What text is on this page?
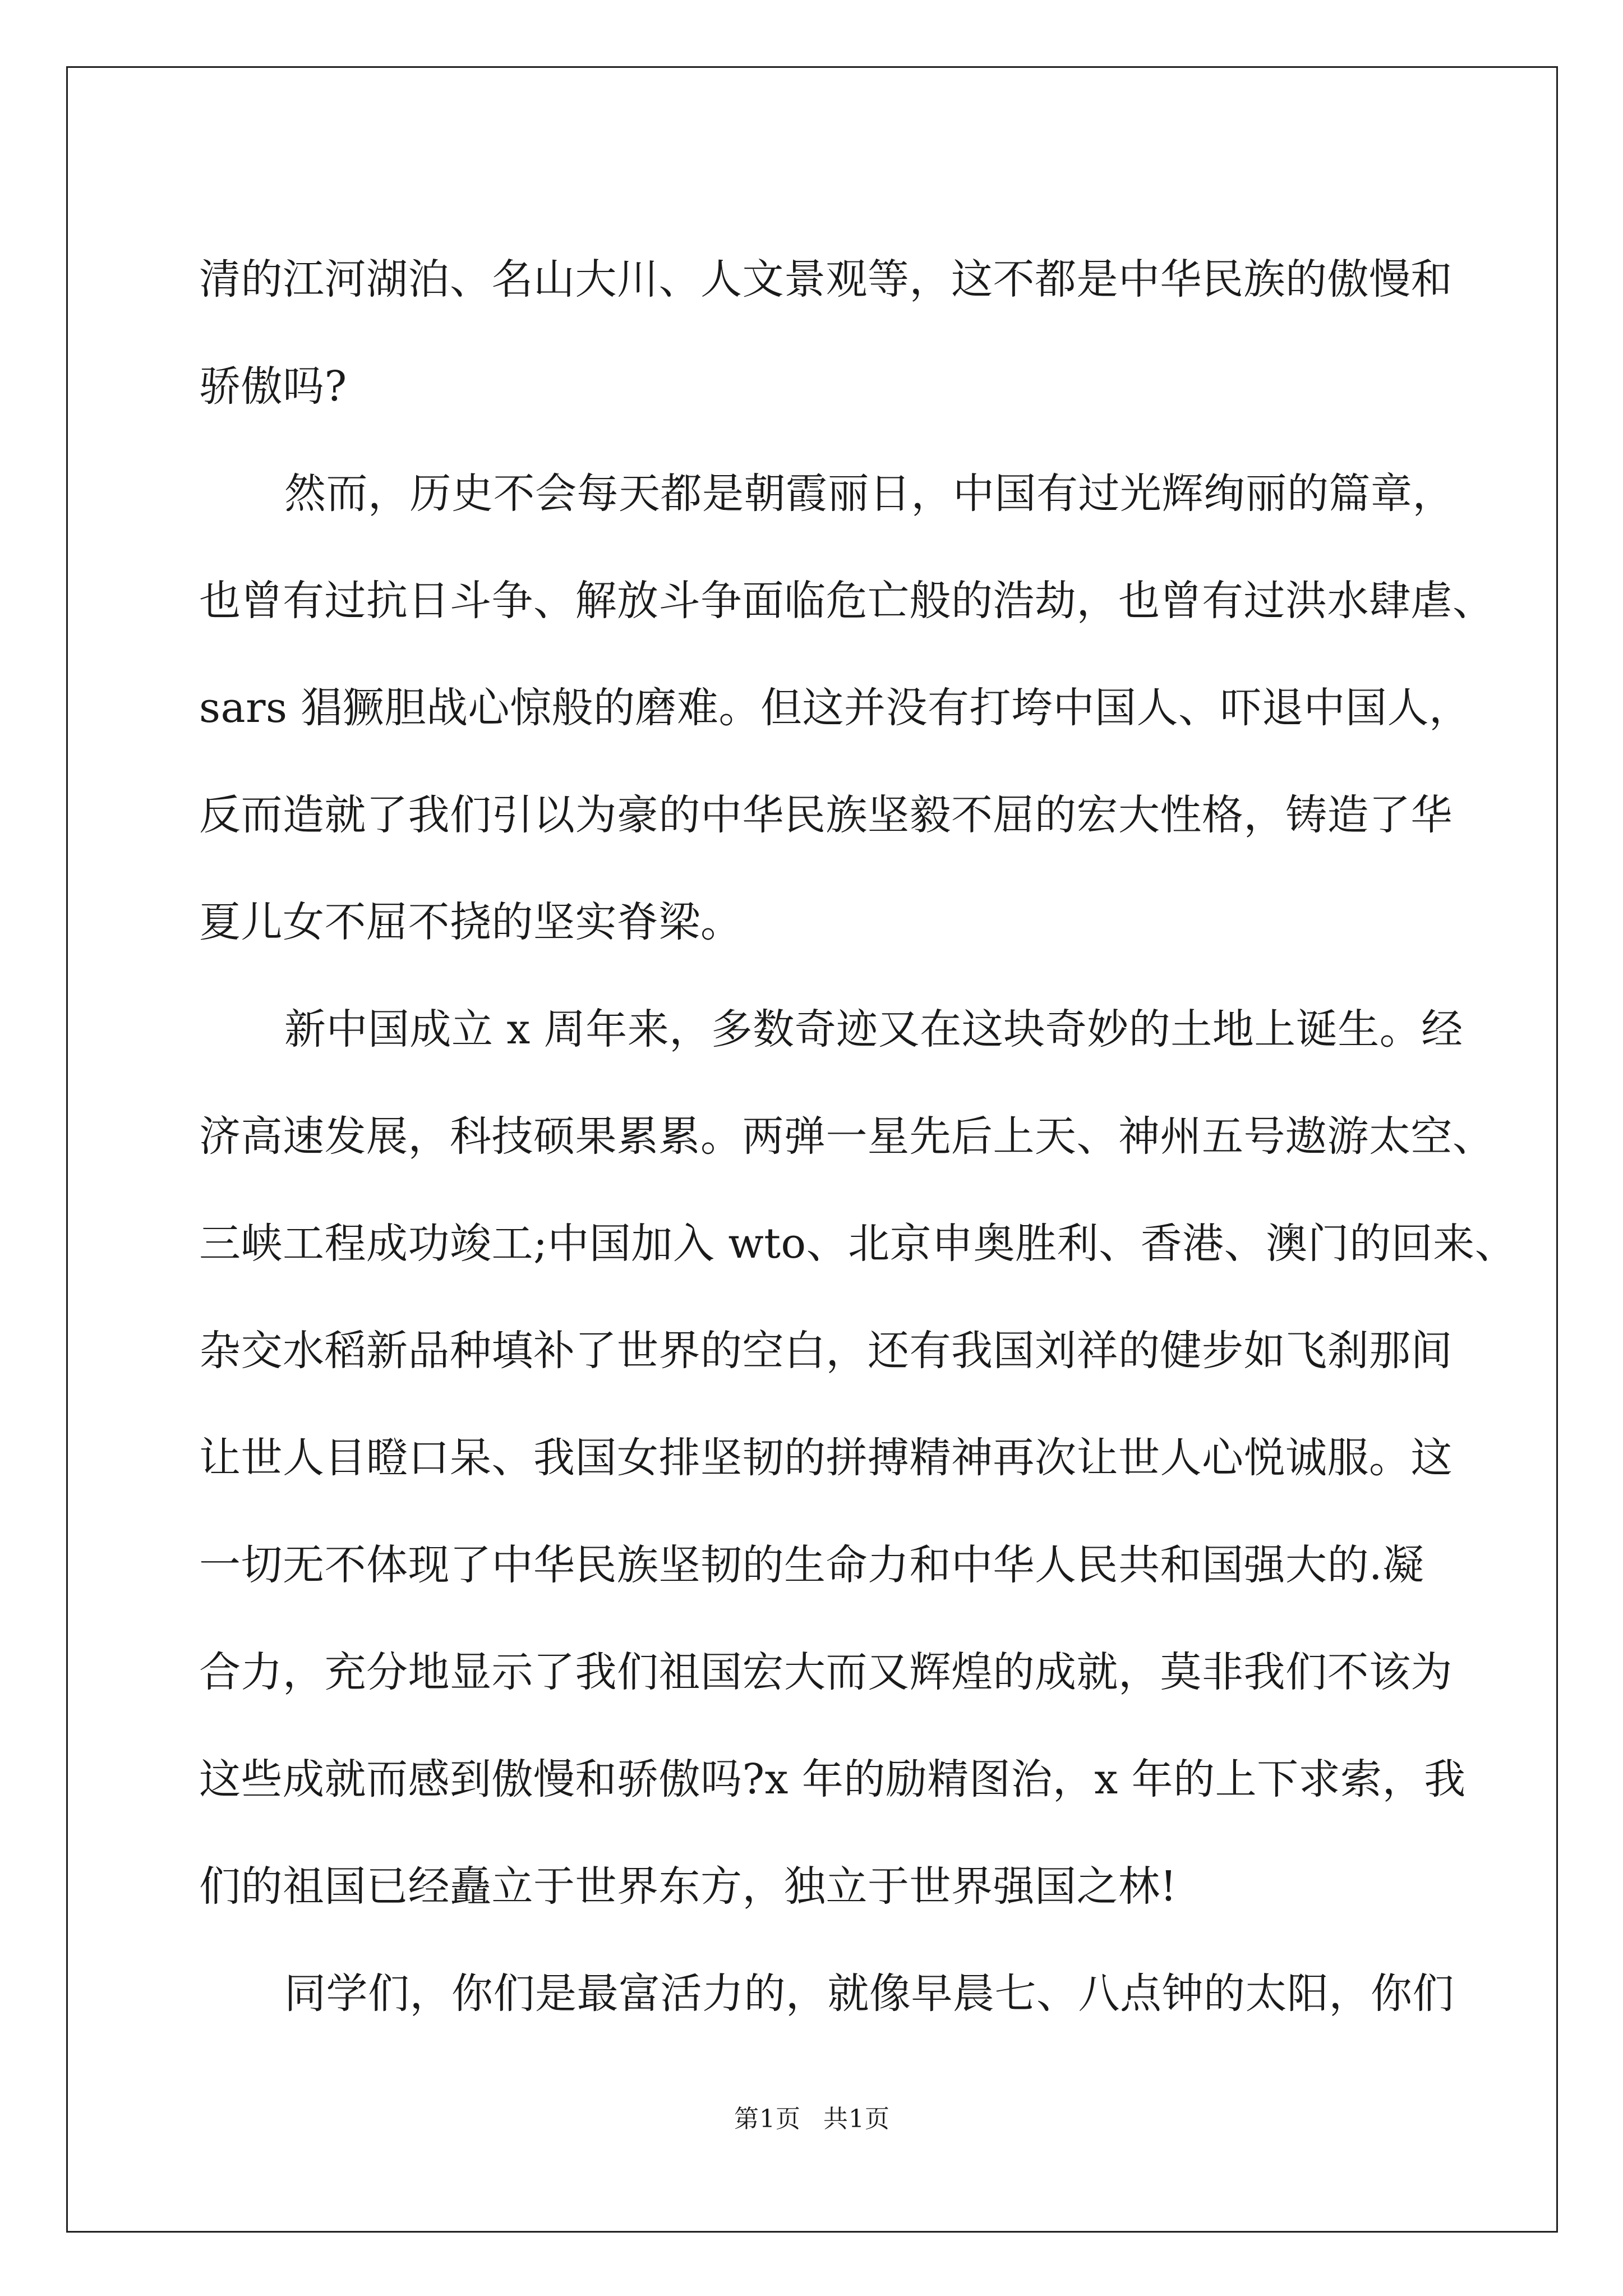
清的江河湖泊、名山大川、人文景观等，这不都是中华民族的傲慢和
骄傲吗?
然而，历史不会每天都是朝霞丽日，中国有过光辉绚丽的篇章，
也曾有过抗日斗争、解放斗争面临危亡般的浩劫，也曾有过洪水肆虐、
sars 猖獗胆战心惊般的磨难。但这并没有打垮中国人、吓退中国人，
反而造就了我们引以为豪的中华民族坚毅不屈的宏大性格，铸造了华
夏儿女不屈不挠的坚实脊梁。
新中国成立 x 周年来，多数奇迹又在这块奇妙的土地上诞生。经
济高速发展，科技硕果累累。两弹一星先后上天、神州五号遨游太空、
三峡工程成功竣工;中国加入 wto、北京申奥胜利、香港、澳门的回来、
杂交水稻新品种填补了世界的空白，还有我国刘祥的健步如飞刹那间
让世人目瞪口呆、我国女排坚韧的拼搏精神再次让世人心悦诚服。这
一切无不体现了中华民族坚韧的生命力和中华人民共和国强大的.凝
合力，充分地显示了我们祖国宏大而又辉煌的成就，莫非我们不该为
这些成就而感到傲慢和骄傲吗?x 年的励精图治，x 年的上下求索，我
们的祖国已经矗立于世界东方，独立于世界强国之林!
同学们，你们是最富活力的，就像早晨七、八点钟的太阳，你们
第1页 共1页
